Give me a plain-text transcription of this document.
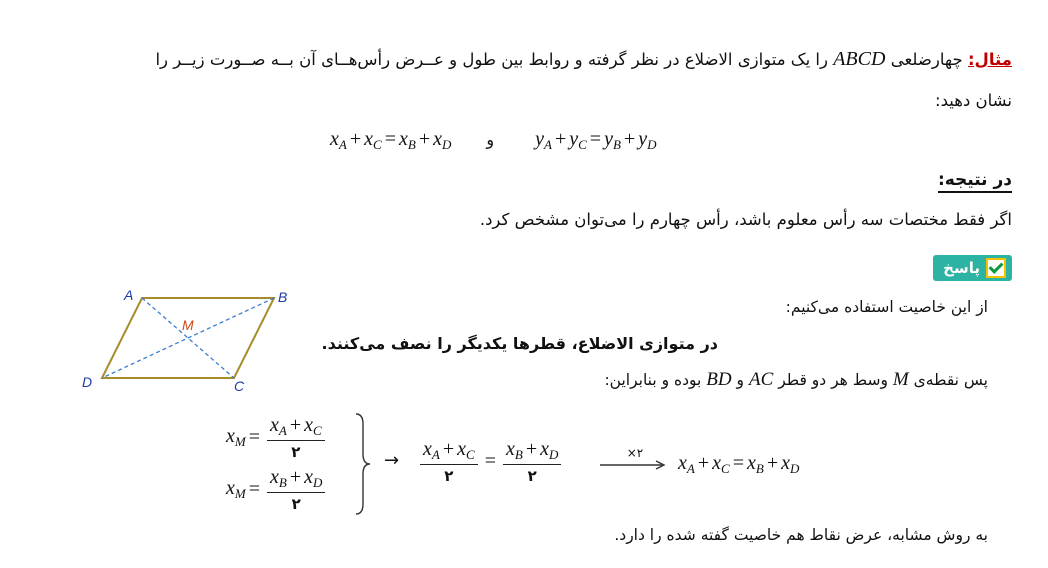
مثال: چهارضلعی ABCD را یک متوازی الاضلاع در نظر گرفته و روابط بین طول و عــرض رأس‌هــای آن بــه صــورت زیــر را
نشان دهید:
$x_A + x_C = x_B + x_D$ و $y_A + y_C = y_B + y_D$
در نتیجه:
اگر فقط مختصات سه رأس معلوم باشد، رأس چهارم را می‌توان مشخص کرد.
پاسخ
A	B
C
D
M
از این خاصیت استفاده می‌کنیم:
در متوازی الاضلاع، قطرها یکدیگر را نصف می‌کنند.
پس نقطه‌ی M وسط هر دو قطر AC و BD بوده و بنابراین:
$x_M = \frac{x_A + x_C}{۲}$
$x_M = \frac{x_B + x_D}{۲}$
→ $\frac{x_A + x_C}{۲} = \frac{x_B + x_D}{۲}$	×۲	$x_A + x_C = x_B + x_D$
به روش مشابه، عرض نقاط هم خاصیت گفته شده را دارد.
